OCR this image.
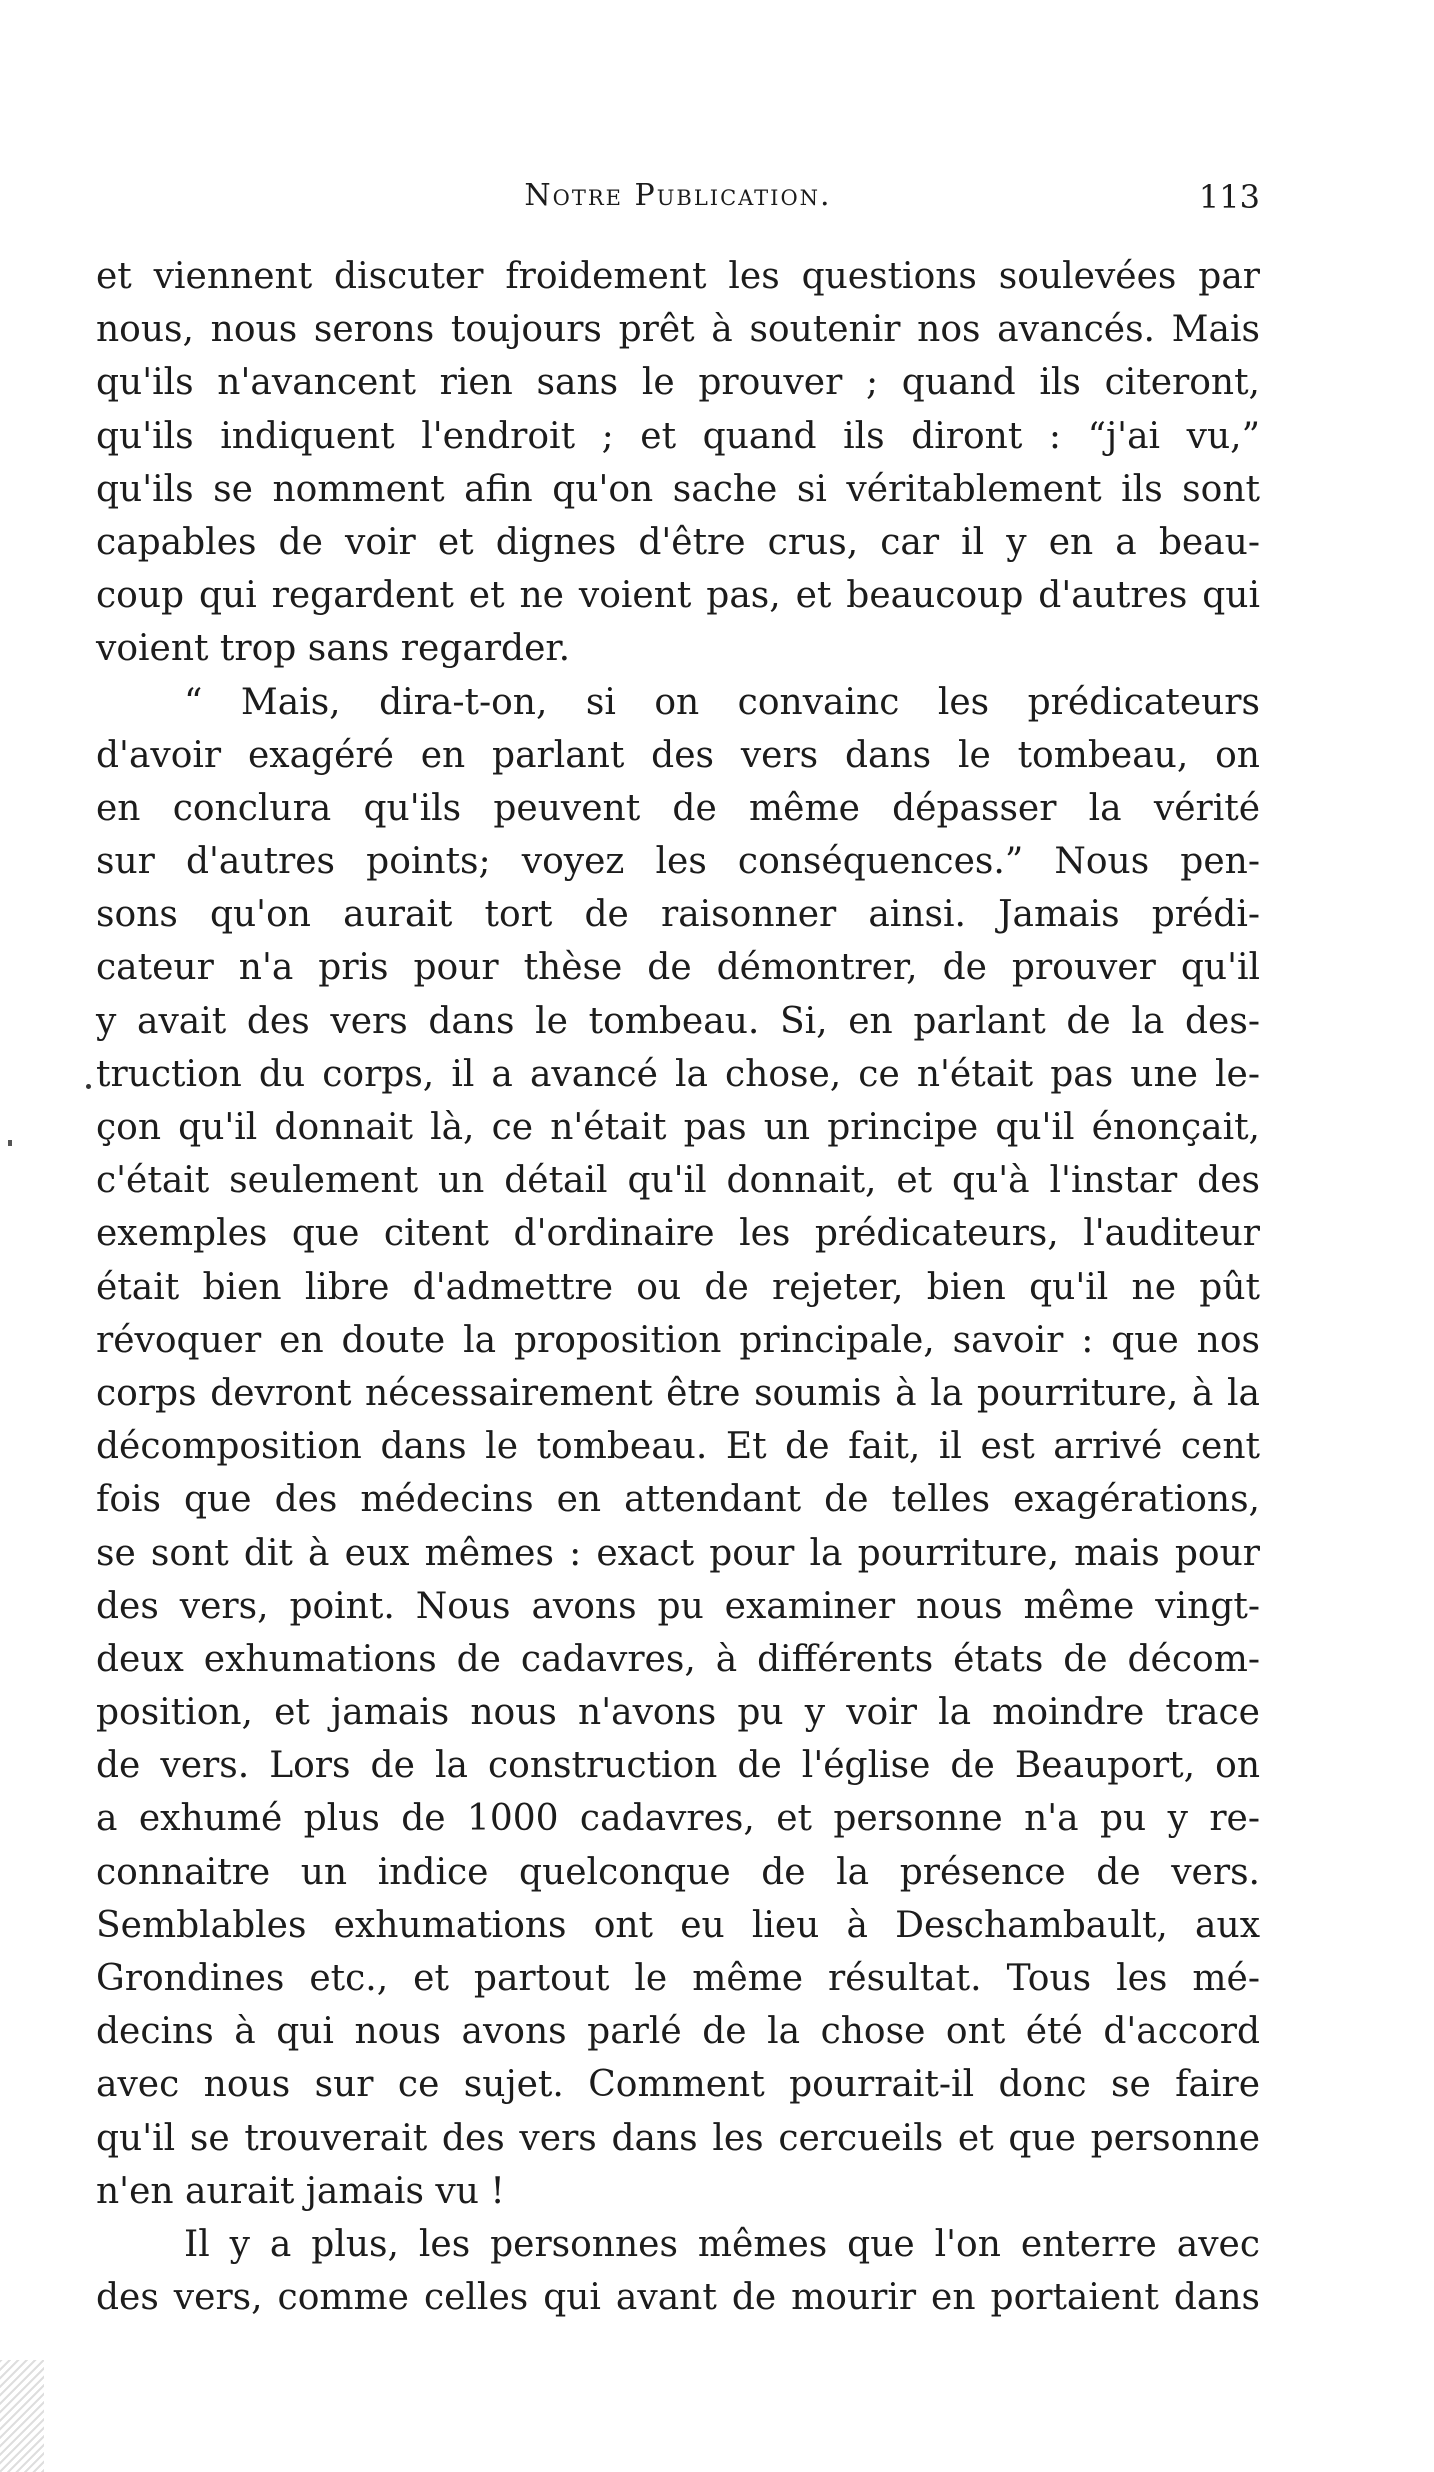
Notre Publication.	113
et viennent discuter froidement les questions soulevées par
nous, nous serons toujours prêt à soutenir nos avancés. Mais
qu'ils n'avancent rien sans le prouver ; quand ils citeront,
qu'ils indiquent l'endroit ; et quand ils diront : “j'ai vu,”
qu'ils se nomment afin qu'on sache si véritablement ils sont
capables de voir et dignes d'être crus, car il y en a beau-
coup qui regardent et ne voient pas, et beaucoup d'autres qui
voient trop sans regarder.
“ Mais, dira-t-on, si on convainc les prédicateurs
d'avoir exagéré en parlant des vers dans le tombeau, on
en conclura qu'ils peuvent de même dépasser la vérité
sur d'autres points; voyez les conséquences.” Nous pen-
sons qu'on aurait tort de raisonner ainsi. Jamais prédi-
cateur n'a pris pour thèse de démontrer, de prouver qu'il
y avait des vers dans le tombeau. Si, en parlant de la des-
truction du corps, il a avancé la chose, ce n'était pas une le-
çon qu'il donnait là, ce n'était pas un principe qu'il énonçait,
c'était seulement un détail qu'il donnait, et qu'à l'instar des
exemples que citent d'ordinaire les prédicateurs, l'auditeur
était bien libre d'admettre ou de rejeter, bien qu'il ne pût
révoquer en doute la proposition principale, savoir : que nos
corps devront nécessairement être soumis à la pourriture, à la
décomposition dans le tombeau. Et de fait, il est arrivé cent
fois que des médecins en attendant de telles exagérations,
se sont dit à eux mêmes : exact pour la pourriture, mais pour
des vers, point. Nous avons pu examiner nous même vingt-
deux exhumations de cadavres, à différents états de décom-
position, et jamais nous n'avons pu y voir la moindre trace
de vers. Lors de la construction de l'église de Beauport, on
a exhumé plus de 1000 cadavres, et personne n'a pu y re-
connaitre un indice quelconque de la présence de vers.
Semblables exhumations ont eu lieu à Deschambault, aux
Grondines etc., et partout le même résultat. Tous les mé-
decins à qui nous avons parlé de la chose ont été d'accord
avec nous sur ce sujet. Comment pourrait-il donc se faire
qu'il se trouverait des vers dans les cercueils et que personne
n'en aurait jamais vu !
Il y a plus, les personnes mêmes que l'on enterre avec
des vers, comme celles qui avant de mourir en portaient dans
